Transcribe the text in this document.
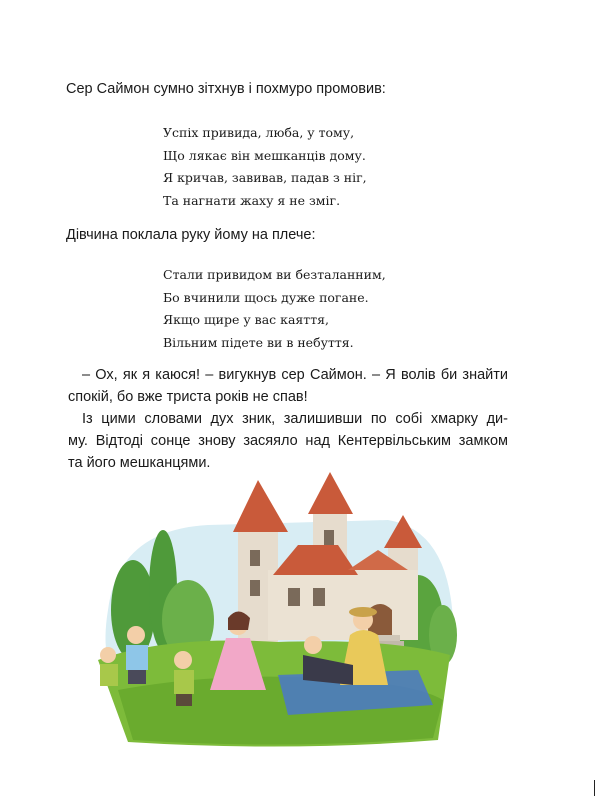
Сер Саймон сумно зітхнув і похмуро промовив:

Успіх привида, люба, у тому,
Що лякає він мешканців дому.
Я кричав, завивав, падав з ніг,
Та нагнати жаху я не зміг.

Дівчина поклала руку йому на плече:

Стали привидом ви безталанним,
Бо вчинили щось дуже погане.
Якщо щире у вас каяття,
Вільним підете ви в небуття.

– Ох, як я каюся! – вигукнув сер Саймон. – Я волів би знайти

спокій, бо вже триста років не спав!

Із цими словами дух зник, залишивши по собі хмарку ди-

му. Відтоді сонце знову засяяло над Кентервільським замком

та його мешканцями.
